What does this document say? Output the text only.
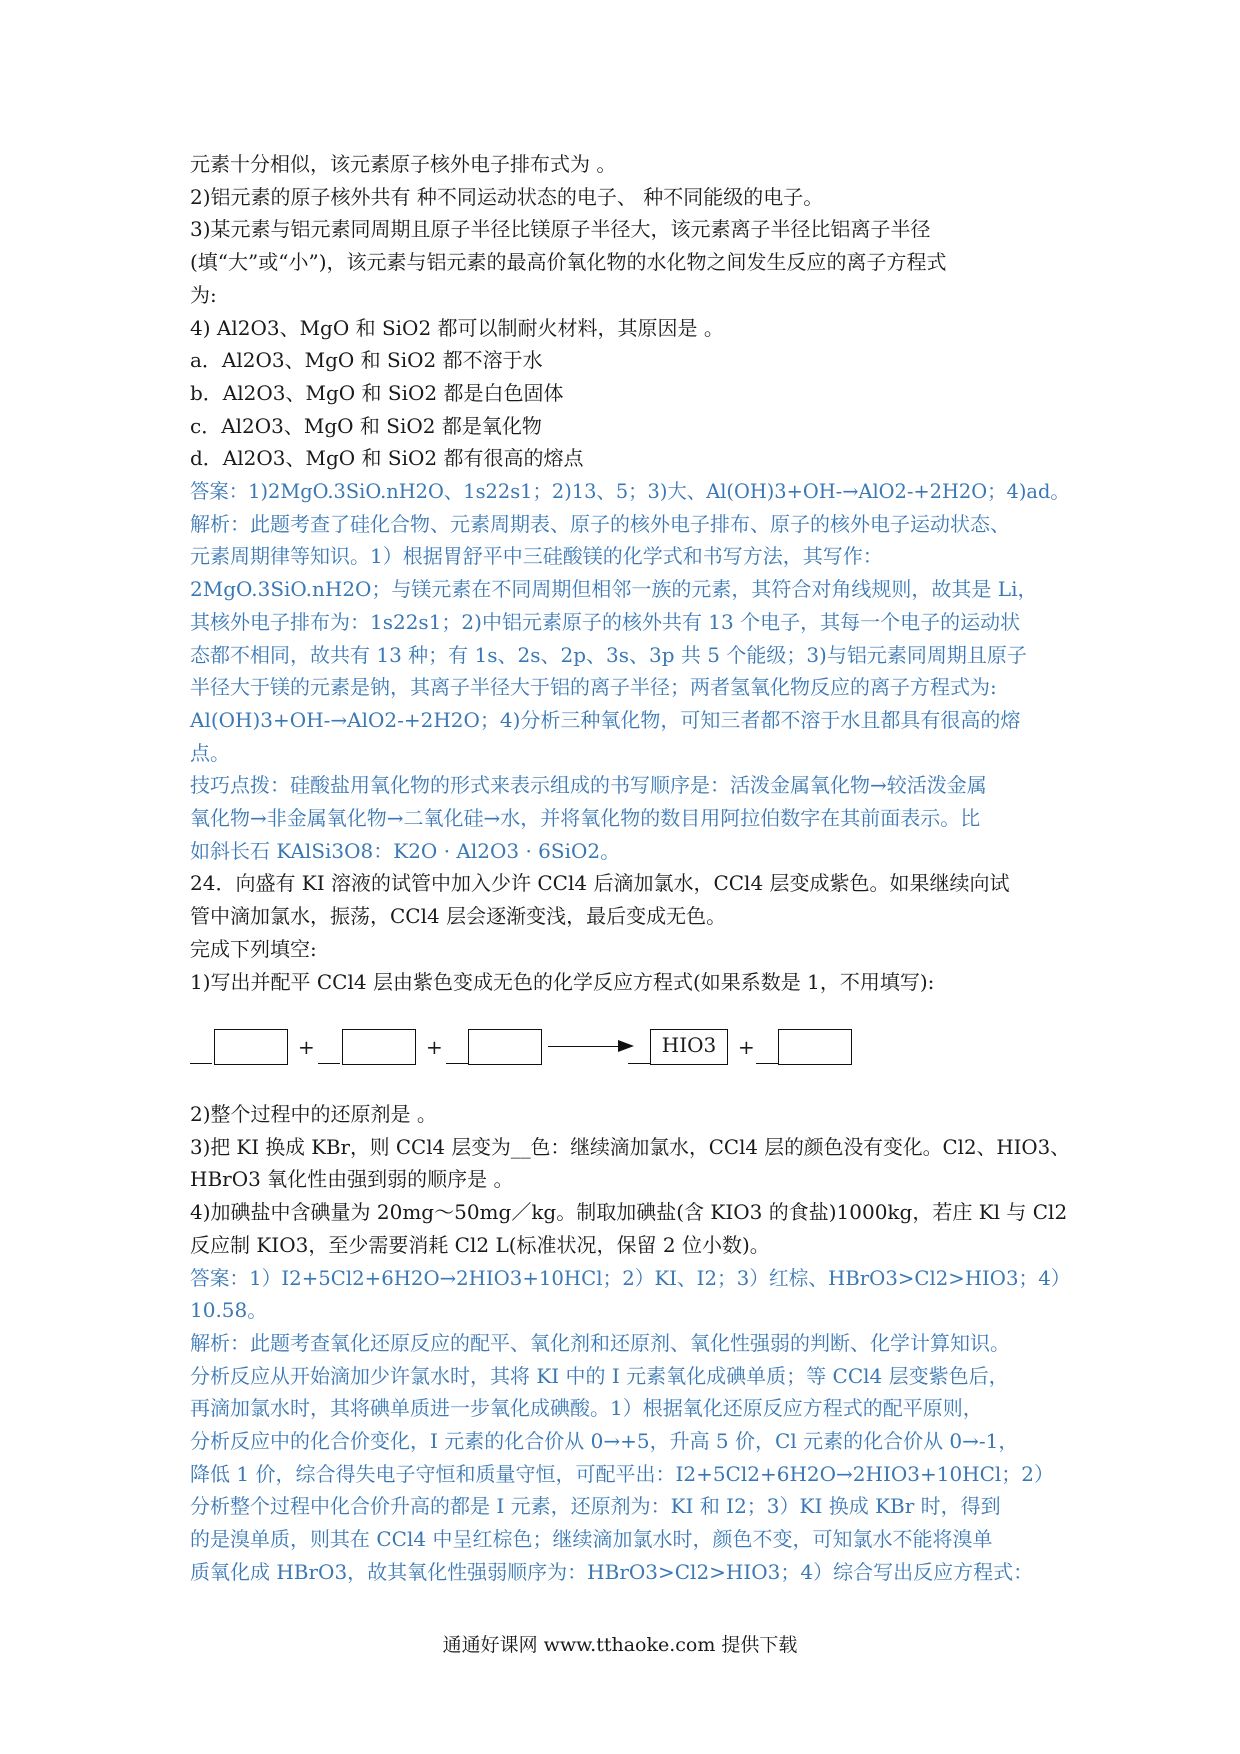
元素十分相似，该元素原子核外电子排布式为 。
2)铝元素的原子核外共有 种不同运动状态的电子、 种不同能级的电子。
3)某元素与铝元素同周期且原子半径比镁原子半径大，该元素离子半径比铝离子半径
(填“大”或“小”)，该元素与铝元素的最高价氧化物的水化物之间发生反应的离子方程式
为:
4) Al2O3、MgO 和 SiO2 都可以制耐火材料，其原因是 。
a．Al2O3、MgO 和 SiO2 都不溶于水
b．Al2O3、MgO 和 SiO2 都是白色固体
c．Al2O3、MgO 和 SiO2 都是氧化物
d．Al2O3、MgO 和 SiO2 都有很高的熔点
答案：1)2MgO.3SiO.nH2O、1s22s1；2)13、5；3)大、Al(OH)3+OH-→AlO2-+2H2O；4)ad。
解析：此题考查了硅化合物、元素周期表、原子的核外电子排布、原子的核外电子运动状态、
元素周期律等知识。1）根据胃舒平中三硅酸镁的化学式和书写方法，其写作：
2MgO.3SiO.nH2O；与镁元素在不同周期但相邻一族的元素，其符合对角线规则，故其是 Li，
其核外电子排布为：1s22s1；2)中铝元素原子的核外共有 13 个电子，其每一个电子的运动状
态都不相同，故共有 13 种；有 1s、2s、2p、3s、3p 共 5 个能级；3)与铝元素同周期且原子
半径大于镁的元素是钠，其离子半径大于铝的离子半径；两者氢氧化物反应的离子方程式为:
Al(OH)3+OH-→AlO2-+2H2O；4)分析三种氧化物，可知三者都不溶于水且都具有很高的熔
点。
技巧点拨：硅酸盐用氧化物的形式来表示组成的书写顺序是：活泼金属氧化物→较活泼金属
氧化物→非金属氧化物→二氧化硅→水，并将氧化物的数目用阿拉伯数字在其前面表示。比
如斜长石 KAlSi3O8：K2O · Al2O3 · 6SiO2。
24．向盛有 KI 溶液的试管中加入少许 CCl4 后滴加氯水，CCl4 层变成紫色。如果继续向试
管中滴加氯水，振荡，CCl4 层会逐渐变浅，最后变成无色。
完成下列填空:
1)写出并配平 CCl4 层由紫色变成无色的化学反应方程式(如果系数是 1，不用填写):
2)整个过程中的还原剂是 。
3)把 KI 换成 KBr，则 CCl4 层变为__色：继续滴加氯水，CCl4 层的颜色没有变化。Cl2、HIO3、
HBrO3 氧化性由强到弱的顺序是 。
4)加碘盐中含碘量为 20mg～50mg／kg。制取加碘盐(含 KIO3 的食盐)1000kg，若庄 Kl 与 Cl2
反应制 KIO3，至少需要消耗 Cl2 L(标准状况，保留 2 位小数)。
答案：1）I2+5Cl2+6H2O→2HIO3+10HCl；2）KI、I2；3）红棕、HBrO3>Cl2>HIO3；4）
10.58。
解析：此题考查氧化还原反应的配平、氧化剂和还原剂、氧化性强弱的判断、化学计算知识。
分析反应从开始滴加少许氯水时，其将 KI 中的 I 元素氧化成碘单质；等 CCl4 层变紫色后，
再滴加氯水时，其将碘单质进一步氧化成碘酸。1）根据氧化还原反应方程式的配平原则，
分析反应中的化合价变化，I 元素的化合价从 0→+5，升高 5 价，Cl 元素的化合价从 0→-1，
降低 1 价，综合得失电子守恒和质量守恒，可配平出：I2+5Cl2+6H2O→2HIO3+10HCl；2）
分析整个过程中化合价升高的都是 I 元素，还原剂为：KI 和 I2；3）KI 换成 KBr 时，得到
的是溴单质，则其在 CCl4 中呈红棕色；继续滴加氯水时，颜色不变，可知氯水不能将溴单
质氧化成 HBrO3，故其氧化性强弱顺序为：HBrO3>Cl2>HIO3；4）综合写出反应方程式：
+	+	HIO3	+
通通好课网 www.tthaoke.com 提供下载
